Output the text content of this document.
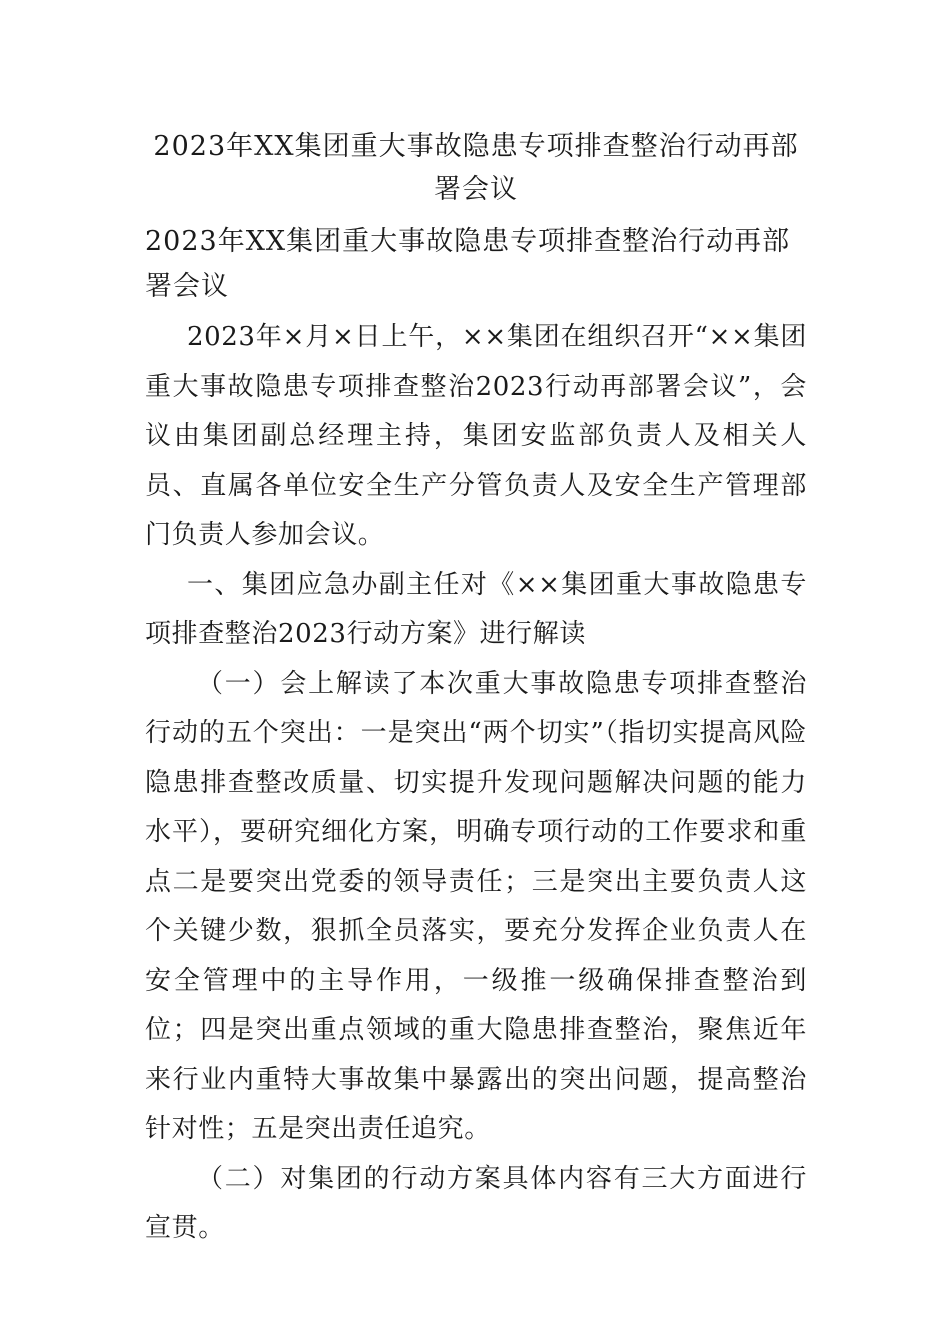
2023年XX集团重大事故隐患专项排查整治行动再部署会议
2023年XX集团重大事故隐患专项排查整治行动再部署会议

2023年×月×日上午，××集团在组织召开“××集团重大事故隐患专项排查整治2023行动再部署会议”，会议由集团副总经理主持，集团安监部负责人及相关人员、直属各单位安全生产分管负责人及安全生产管理部门负责人参加会议。

一、集团应急办副主任对《××集团重大事故隐患专项排查整治2023行动方案》进行解读

（一）会上解读了本次重大事故隐患专项排查整治行动的五个突出：一是突出“两个切实”（指切实提高风险隐患排查整改质量、切实提升发现问题解决问题的能力水平），要研究细化方案，明确专项行动的工作要求和重点二是要突出党委的领导责任；三是突出主要负责人这个关键少数，狠抓全员落实，要充分发挥企业负责人在安全管理中的主导作用，一级推一级确保排查整治到位；四是突出重点领域的重大隐患排查整治，聚焦近年来行业内重特大事故集中暴露出的突出问题，提高整治针对性；五是突出责任追究。

（二）对集团的行动方案具体内容有三大方面进行宣贯。
